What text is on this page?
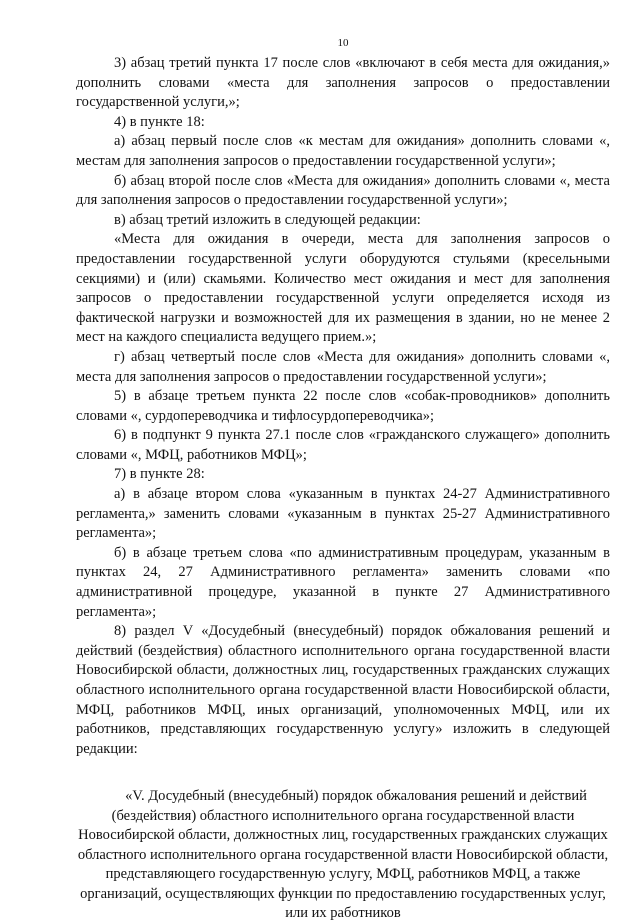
10

3) абзац третий пункта 17 после слов «включают в себя места для ожидания,» дополнить словами «места для заполнения запросов о предоставлении государственной услуги,»;

4) в пункте 18:

а) абзац первый после слов «к местам для ожидания» дополнить словами «, местам для заполнения запросов о предоставлении государственной услуги»;

б) абзац второй после слов «Места для ожидания» дополнить словами «, места для заполнения запросов о предоставлении государственной услуги»;

в) абзац третий изложить в следующей редакции:

«Места для ожидания в очереди, места для заполнения запросов о предоставлении государственной услуги оборудуются стульями (кресельными секциями) и (или) скамьями. Количество мест ожидания и мест для заполнения запросов о предоставлении государственной услуги определяется исходя из фактической нагрузки и возможностей для их размещения в здании, но не менее 2 мест на каждого специалиста ведущего прием.»;

г) абзац четвертый после слов «Места для ожидания» дополнить словами «, места для заполнения запросов о предоставлении государственной услуги»;

5) в абзаце третьем пункта 22 после слов «собак-проводников» дополнить словами «, сурдопереводчика и тифлосурдопереводчика»;

6) в подпункт 9 пункта 27.1 после слов «гражданского служащего» дополнить словами «, МФЦ, работников МФЦ»;

7) в пункте 28:

а) в абзаце втором слова «указанным в пунктах 24-27 Административного регламента,» заменить словами «указанным в пунктах 25-27 Административного регламента»;

б) в абзаце третьем слова «по административным процедурам, указанным в пунктах 24, 27 Административного регламента» заменить словами «по административной процедуре, указанной в пункте 27 Административного регламента»;

8) раздел V «Досудебный (внесудебный) порядок обжалования решений и действий (бездействия) областного исполнительного органа государственной власти Новосибирской области, должностных лиц, государственных гражданских служащих областного исполнительного органа государственной власти Новосибирской области, МФЦ, работников МФЦ, иных организаций, уполномоченных МФЦ, или их работников, представляющих государственную услугу» изложить в следующей редакции:

«V. Досудебный (внесудебный) порядок обжалования решений и действий (бездействия) областного исполнительного органа государственной власти Новосибирской области, должностных лиц, государственных гражданских служащих областного исполнительного органа государственной власти Новосибирской области, представляющего государственную услугу, МФЦ, работников МФЦ, а также организаций, осуществляющих функции по предоставлению государственных услуг, или их работников
